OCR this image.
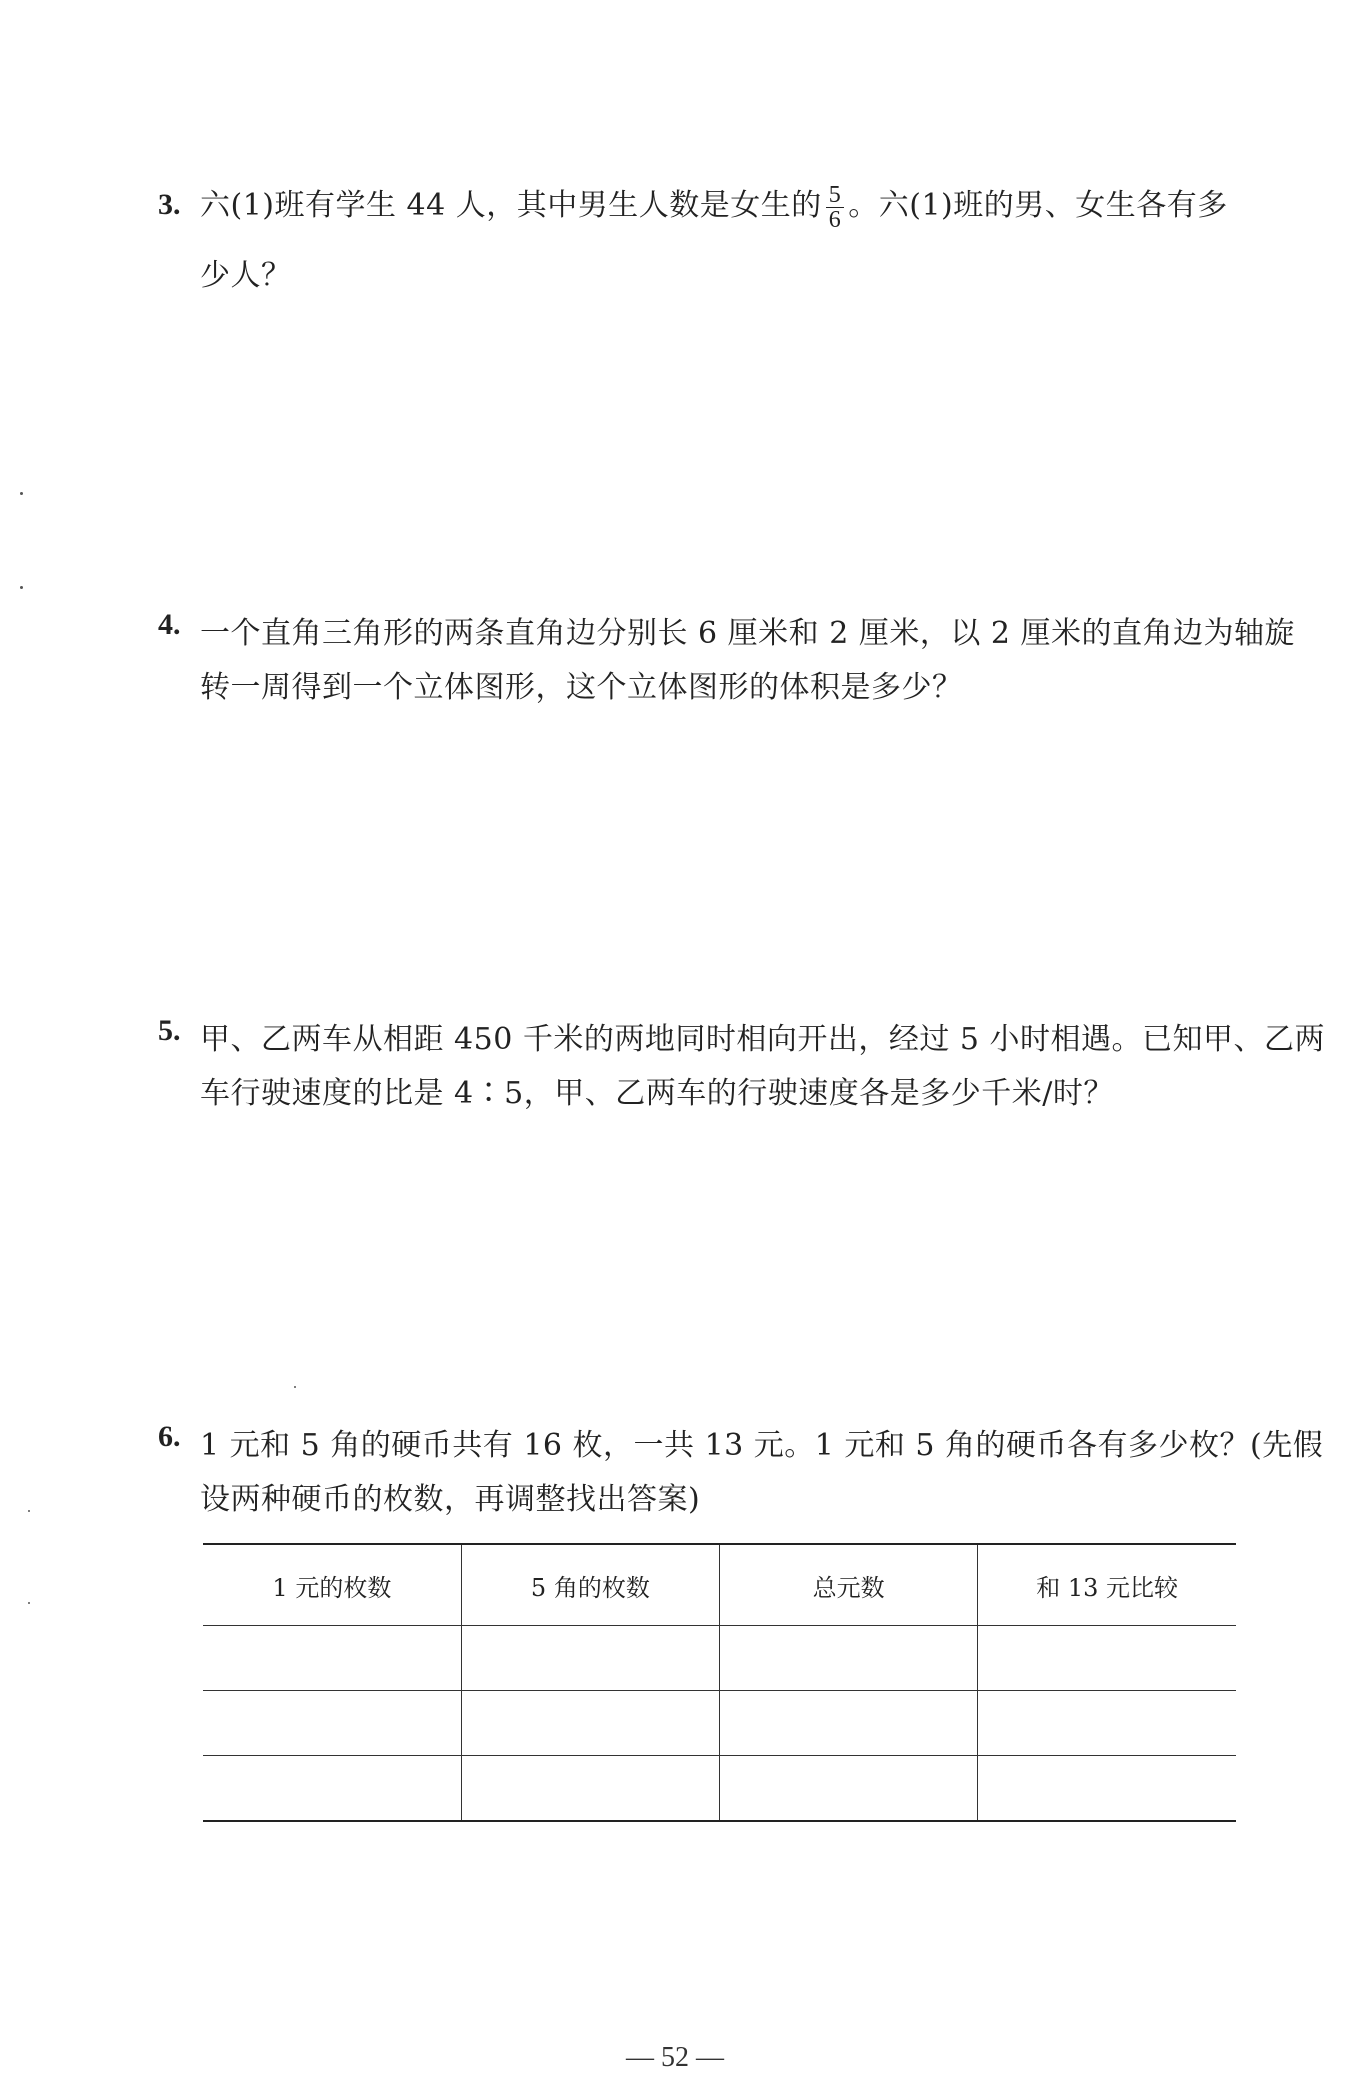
3. 六(1)班有学生 44 人，其中男生人数是女生的 $\frac{5}{6}$ 。六(1)班的男、女生各有多
少人？
4. 一个直角三角形的两条直角边分别长 6 厘米和 2 厘米，以 2 厘米的直角边为轴旋
转一周得到一个立体图形，这个立体图形的体积是多少？
5. 甲、乙两车从相距 450 千米的两地同时相向开出，经过 5 小时相遇。已知甲、乙两
车行驶速度的比是 4∶5，甲、乙两车的行驶速度各是多少千米/时？
6. 1 元和 5 角的硬币共有 16 枚，一共 13 元。1 元和 5 角的硬币各有多少枚？(先假
设两种硬币的枚数，再调整找出答案)
1 元的枚数	5 角的枚数	总元数	和 13 元比较

— 52 —
